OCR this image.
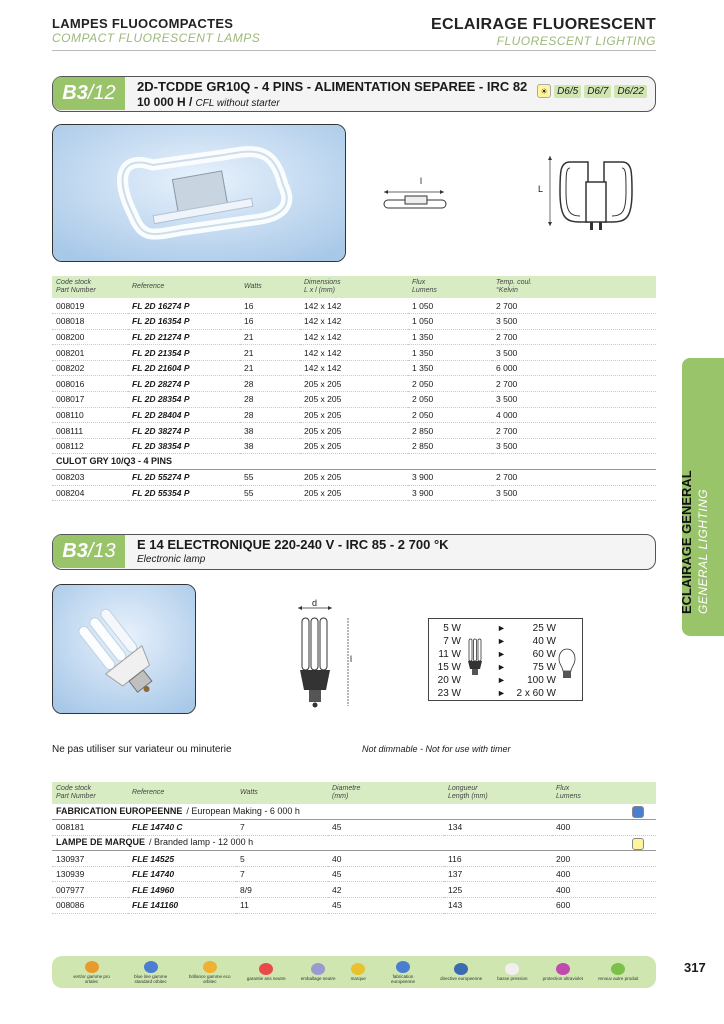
LAMPES FLUOCOMPACTES
COMPACT FLUORESCENT LAMPS
ECLAIRAGE FLUORESCENT
FLUORESCENT LIGHTING
ECLAIRAGE GENERAL GENERAL LIGHTING
B3 /12 2D-TCDDE GR10Q - 4 PINS - ALIMENTATION SEPAREE - IRC 82
10 000 H / CFL without starter
☀ D6/5 D6/7 D6/22
l
L
Code stock
Part Number	Reference	Watts	Dimensions
L x l (mm)	Flux
Lumens	Temp. coul.
°Kelvin
008019	FL 2D 16274 P	16	142 x 142	1 050	2 700
008018	FL 2D 16354 P	16	142 x 142	1 050	3 500
008200	FL 2D 21274 P	21	142 x 142	1 350	2 700
008201	FL 2D 21354 P	21	142 x 142	1 350	3 500
008202	FL 2D 21604 P	21	142 x 142	1 350	6 000
008016	FL 2D 28274 P	28	205 x 205	2 050	2 700
008017	FL 2D 28354 P	28	205 x 205	2 050	3 500
008110	FL 2D 28404 P	28	205 x 205	2 050	4 000
008111	FL 2D 38274 P	38	205 x 205	2 850	2 700
008112	FL 2D 38354 P	38	205 x 205	2 850	3 500
CULOT GRY 10/Q3 - 4 PINS					
008203	FL 2D 55274 P	55	205 x 205	3 900	2 700
008204	FL 2D 55354 P	55	205 x 205	3 900	3 500
B3 /13 E 14 ELECTRONIQUE 220-240 V - IRC 85 - 2 700 °K
Electronic lamp
d
l
5 W	►	25 W
7 W	►	40 W
11 W	►	60 W
15 W	►	75 W
20 W	► 100 W
23 W	► 2 x 60 W
Ne pas utiliser sur variateur ou minuterie	Not dimmable - Not for use with timer
Code stock
Part Number	Reference	Watts	Diametre
(mm)	Longueur
Length (mm)	Flux
Lumens
FABRICATION EUROPEENNE / European Making - 6 000 h					

008181	FLE 14740 C	7	45	134	400
LAMPE DE MARQUE / Branded lamp - 12 000 h					

130937	FLE 14525	5	40	116	200
130939	FLE 14740	7	45	137	400
007977	FLE 14960	8/9	42	125	400
008086	FLE 141160	11	45	143	600
vert/or gamme pro ortalec
blue line gamme standard orbitec
brillance gamme eco orbitec	garantie ans neutre	emballage neutre	marque	fabrication europeenne	directive europeenne	basse pression	protection ultraviolet	renouv autre produit
317
